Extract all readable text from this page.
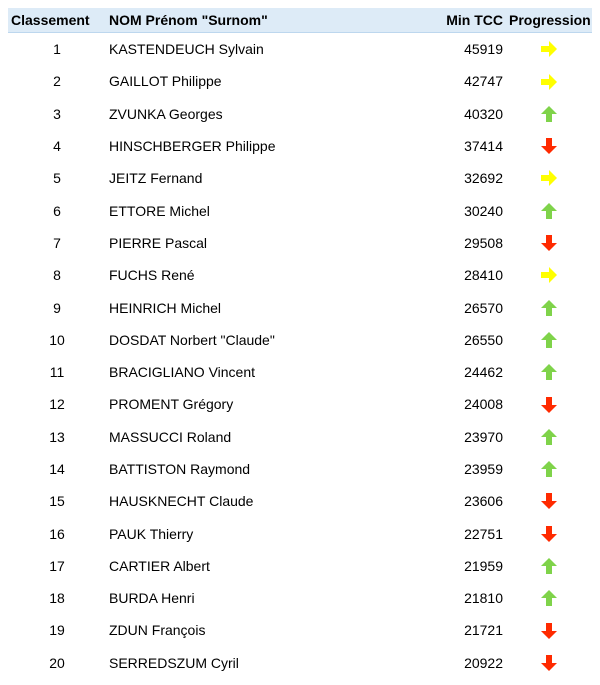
Classement	NOM Prénom "Surnom"	Min TCC	Progression
1	KASTENDEUCH Sylvain	45919	
2	GAILLOT Philippe	42747	
3	ZVUNKA Georges	40320	
4	HINSCHBERGER Philippe	37414	
5	JEITZ Fernand	32692	
6	ETTORE Michel	30240	
7	PIERRE Pascal	29508	
8	FUCHS René	28410	
9	HEINRICH Michel	26570	
10	DOSDAT Norbert "Claude"	26550	
11	BRACIGLIANO Vincent	24462	
12	PROMENT Grégory	24008	
13	MASSUCCI Roland	23970	
14	BATTISTON Raymond	23959	
15	HAUSKNECHT Claude	23606	
16	PAUK Thierry	22751	
17	CARTIER Albert	21959	
18	BURDA Henri	21810	
19	ZDUN François	21721	
20	SERREDSZUM Cyril	20922	
